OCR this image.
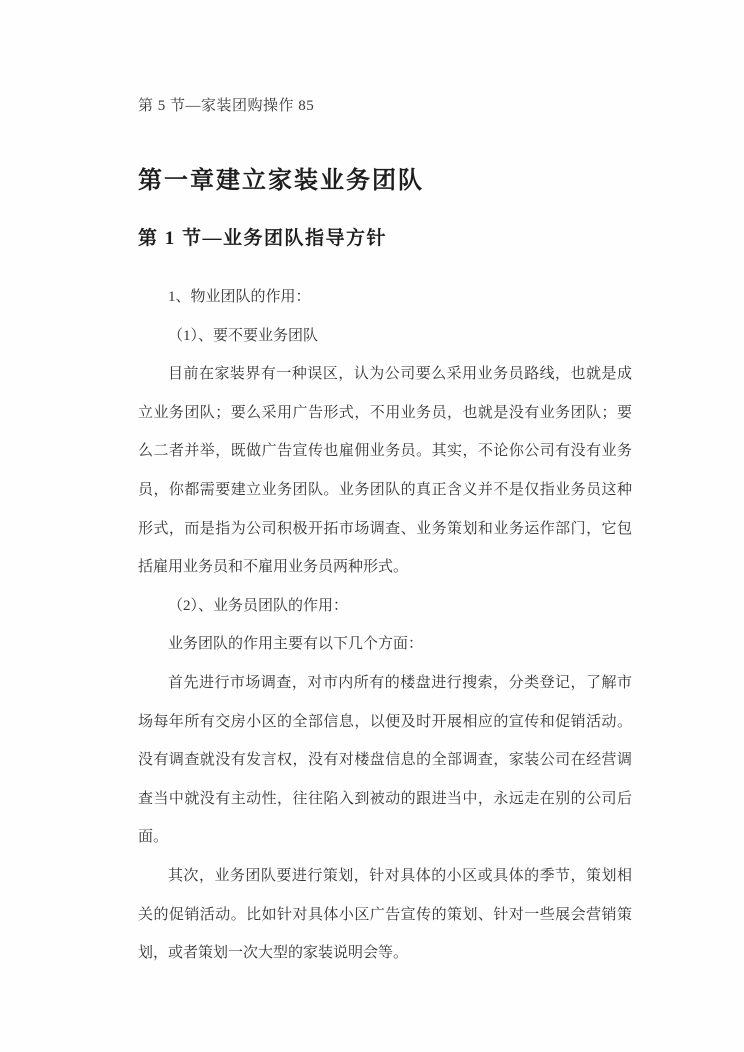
第 5 节—家装团购操作 85

第一章建立家装业务团队
第 1 节—业务团队指导方针

1、物业团队的作用：

（1）、要不要业务团队

目前在家装界有一种误区，认为公司要么采用业务员路线，也就是成立业务团队；要么采用广告形式，不用业务员，也就是没有业务团队；要么二者并举，既做广告宣传也雇佣业务员。其实，不论你公司有没有业务员，你都需要建立业务团队。业务团队的真正含义并不是仅指业务员这种形式，而是指为公司积极开拓市场调查、业务策划和业务运作部门，它包括雇用业务员和不雇用业务员两种形式。

（2）、业务员团队的作用：

业务团队的作用主要有以下几个方面：

首先进行市场调查，对市内所有的楼盘进行搜索，分类登记，了解市场每年所有交房小区的全部信息，以便及时开展相应的宣传和促销活动。没有调查就没有发言权，没有对楼盘信息的全部调查，家装公司在经营调查当中就没有主动性，往往陷入到被动的跟进当中，永远走在别的公司后面。

其次，业务团队要进行策划，针对具体的小区或具体的季节，策划相关的促销活动。比如针对具体小区广告宣传的策划、针对一些展会营销策划，或者策划一次大型的家装说明会等。
